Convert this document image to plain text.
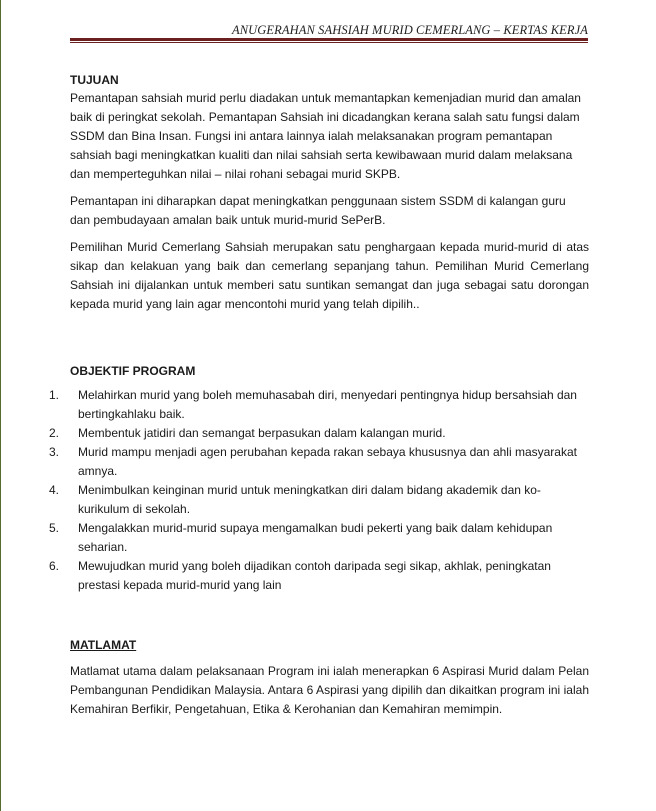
ANUGERAHAN SAHSIAH MURID CEMERLANG – KERTAS KERJA
TUJUAN

Pemantapan sahsiah murid perlu diadakan untuk memantapkan kemenjadian murid dan amalan baik di peringkat sekolah. Pemantapan Sahsiah ini dicadangkan kerana salah satu fungsi dalam SSDM dan Bina Insan. Fungsi ini antara lainnya ialah melaksanakan program pemantapan sahsiah bagi meningkatkan kualiti dan nilai sahsiah serta kewibawaan murid dalam melaksana dan memperteguhkan nilai – nilai rohani sebagai murid SKPB.

Pemantapan ini diharapkan dapat meningkatkan penggunaan sistem SSDM di kalangan guru dan pembudayaan amalan baik untuk murid-murid SePerB.

Pemilihan Murid Cemerlang Sahsiah merupakan satu penghargaan kepada murid-murid di atas sikap dan kelakuan yang baik dan cemerlang sepanjang tahun. Pemilihan Murid Cemerlang Sahsiah ini dijalankan untuk memberi satu suntikan semangat dan juga sebagai satu dorongan kepada murid yang lain agar mencontohi murid yang telah dipilih..

OBJEKTIF PROGRAM
1. Melahirkan murid yang boleh memuhasabah diri, menyedari pentingnya hidup bersahsiah dan bertingkahlaku baik.
2. Membentuk jatidiri dan semangat berpasukan dalam kalangan murid.
3. Murid mampu menjadi agen perubahan kepada rakan sebaya khususnya dan ahli masyarakat amnya.
4. Menimbulkan keinginan murid untuk meningkatkan diri dalam bidang akademik dan ko-kurikulum di sekolah.
5. Mengalakkan murid-murid supaya mengamalkan budi pekerti yang baik dalam kehidupan seharian.
6. Mewujudkan murid yang boleh dijadikan contoh daripada segi sikap, akhlak, peningkatan prestasi kepada murid-murid yang lain
MATLAMAT

Matlamat utama dalam pelaksanaan Program ini ialah menerapkan 6 Aspirasi Murid dalam Pelan Pembangunan Pendidikan Malaysia. Antara 6 Aspirasi yang dipilih dan dikaitkan program ini ialah Kemahiran Berfikir, Pengetahuan, Etika & Kerohanian dan Kemahiran memimpin.
